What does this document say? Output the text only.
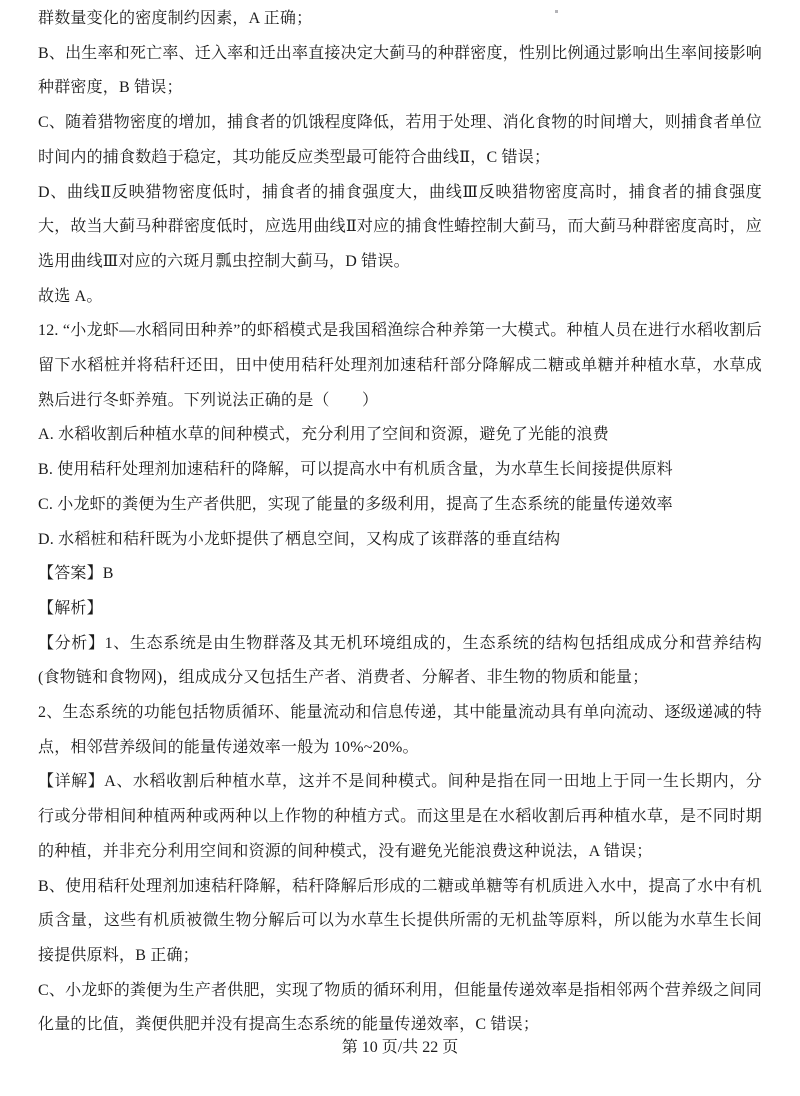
群数量变化的密度制约因素，A 正确；

B、出生率和死亡率、迁入率和迁出率直接决定大蓟马的种群密度，性别比例通过影响出生率间接影响种群密度，B 错误；

C、随着猎物密度的增加，捕食者的饥饿程度降低，若用于处理、消化食物的时间增大，则捕食者单位时间内的捕食数趋于稳定，其功能反应类型最可能符合曲线Ⅱ，C 错误；

D、曲线Ⅱ反映猎物密度低时，捕食者的捕食强度大，曲线Ⅲ反映猎物密度高时，捕食者的捕食强度大，故当大蓟马种群密度低时，应选用曲线Ⅱ对应的捕食性蝽控制大蓟马，而大蓟马种群密度高时，应选用曲线Ⅲ对应的六斑月瓢虫控制大蓟马，D 错误。

故选 A。

12. “小龙虾—水稻同田种养”的虾稻模式是我国稻渔综合种养第一大模式。种植人员在进行水稻收割后留下水稻桩并将秸秆还田，田中使用秸秆处理剂加速秸秆部分降解成二糖或单糖并种植水草，水草成熟后进行冬虾养殖。下列说法正确的是（　　）

A. 水稻收割后种植水草的间种模式，充分利用了空间和资源，避免了光能的浪费

B. 使用秸秆处理剂加速秸秆的降解，可以提高水中有机质含量，为水草生长间接提供原料

C. 小龙虾的粪便为生产者供肥，实现了能量的多级利用，提高了生态系统的能量传递效率

D. 水稻桩和秸秆既为小龙虾提供了栖息空间，又构成了该群落的垂直结构

【答案】B

【解析】

【分析】1、生态系统是由生物群落及其无机环境组成的，生态系统的结构包括组成成分和营养结构(食物链和食物网)，组成成分又包括生产者、消费者、分解者、非生物的物质和能量；

2、生态系统的功能包括物质循环、能量流动和信息传递，其中能量流动具有单向流动、逐级递减的特点，相邻营养级间的能量传递效率一般为 10%~20%。

【详解】A、水稻收割后种植水草，这并不是间种模式。间种是指在同一田地上于同一生长期内，分行或分带相间种植两种或两种以上作物的种植方式。而这里是在水稻收割后再种植水草，是不同时期的种植，并非充分利用空间和资源的间种模式，没有避免光能浪费这种说法，A 错误；

B、使用秸秆处理剂加速秸秆降解，秸秆降解后形成的二糖或单糖等有机质进入水中，提高了水中有机质含量，这些有机质被微生物分解后可以为水草生长提供所需的无机盐等原料，所以能为水草生长间接提供原料，B 正确；

C、小龙虾的粪便为生产者供肥，实现了物质的循环利用，但能量传递效率是指相邻两个营养级之间同化量的比值，粪便供肥并没有提高生态系统的能量传递效率，C 错误；

第 10 页/共 22 页
